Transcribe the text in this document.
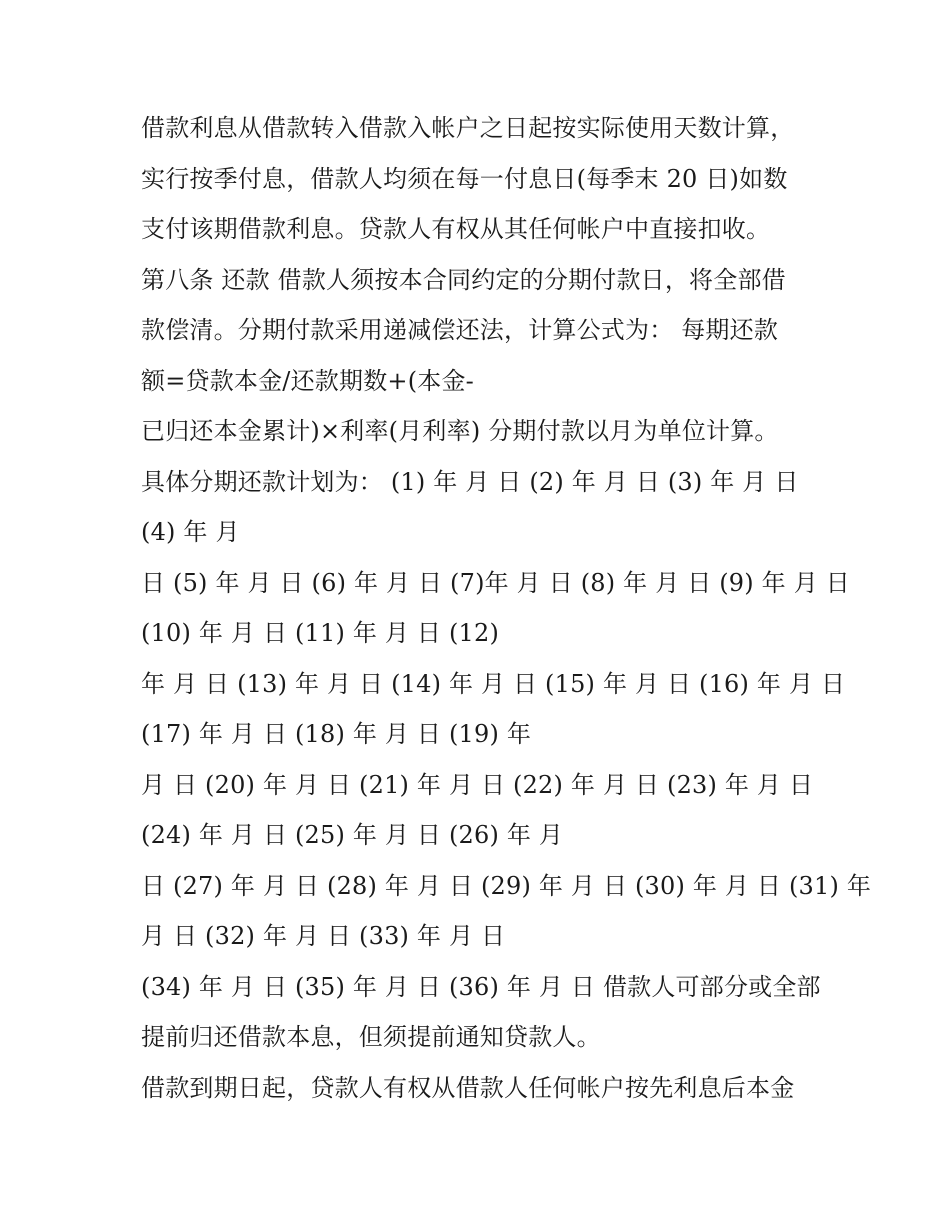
借款利息从借款转入借款入帐户之日起按实际使用天数计算，
实行按季付息，借款人均须在每一付息日(每季末 20 日)如数
支付该期借款利息。贷款人有权从其任何帐户中直接扣收。
第八条 还款 借款人须按本合同约定的分期付款日，将全部借
款偿清。分期付款采用递减偿还法，计算公式为： 每期还款
额=贷款本金/还款期数+(本金-
已归还本金累计)×利率(月利率) 分期付款以月为单位计算。
具体分期还款计划为： (1) 年 月 日 (2) 年 月 日 (3) 年 月 日
(4) 年 月
日 (5) 年 月 日 (6) 年 月 日 (7)年 月 日 (8) 年 月 日 (9) 年 月 日
(10) 年 月 日 (11) 年 月 日 (12)
年 月 日 (13) 年 月 日 (14) 年 月 日 (15) 年 月 日 (16) 年 月 日
(17) 年 月 日 (18) 年 月 日 (19) 年
月 日 (20) 年 月 日 (21) 年 月 日 (22) 年 月 日 (23) 年 月 日
(24) 年 月 日 (25) 年 月 日 (26) 年 月
日 (27) 年 月 日 (28) 年 月 日 (29) 年 月 日 (30) 年 月 日 (31) 年
月 日 (32) 年 月 日 (33) 年 月 日
(34) 年 月 日 (35) 年 月 日 (36) 年 月 日 借款人可部分或全部
提前归还借款本息，但须提前通知贷款人。
借款到期日起，贷款人有权从借款人任何帐户按先利息后本金
